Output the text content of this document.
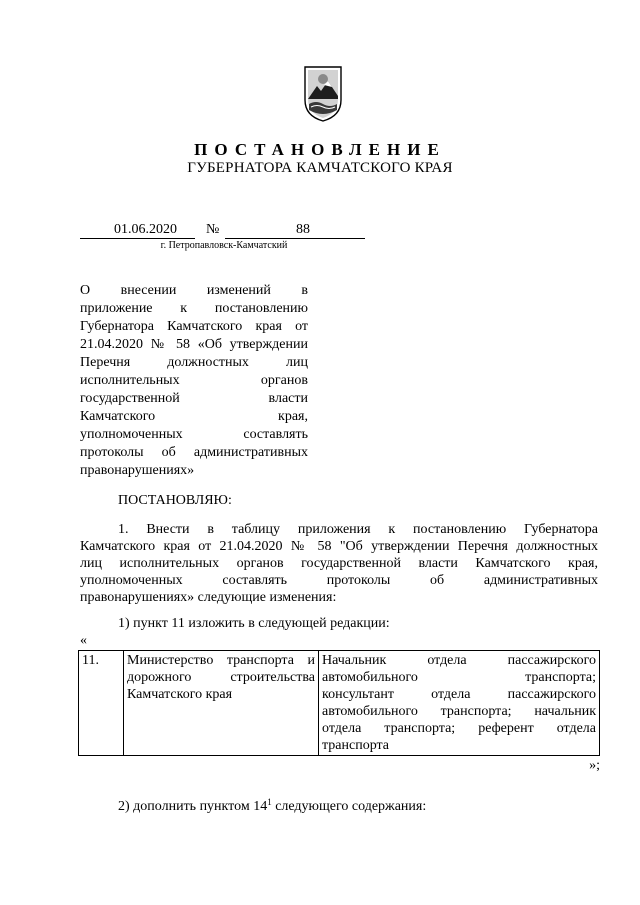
ПОСТАНОВЛЕНИЕ
ГУБЕРНАТОРА КАМЧАТСКОГО КРАЯ
01.06.2020 №	88
г. Петропавловск-Камчатский
О внесении изменений в
приложение к постановлению
Губернатора Камчатского края от
21.04.2020 № 58 «Об утверждении
Перечня должностных лиц
исполнительных органов
государственной власти
Камчатского края,
уполномоченных составлять
протоколы об административных
правонарушениях»
ПОСТАНОВЛЯЮ:
1. Внести в таблицу приложения к постановлению Губернатора
Камчатского края от 21.04.2020 № 58 "Об утверждении Перечня должностных
лиц исполнительных органов государственной власти Камчатского края,
уполномоченных составлять протоколы об административных
правонарушениях» следующие изменения:
1) пункт 11 изложить в следующей редакции:
«
11.	Министерство транспорта и
дорожного строительства
Камчатского края

Начальник отдела пассажирского
автомобильного транспорта;
консультант отдела пассажирского
автомобильного транспорта; начальник
отдела транспорта; референт отдела
транспорта
»;
2) дополнить пунктом $14^1$ следующего содержания:
